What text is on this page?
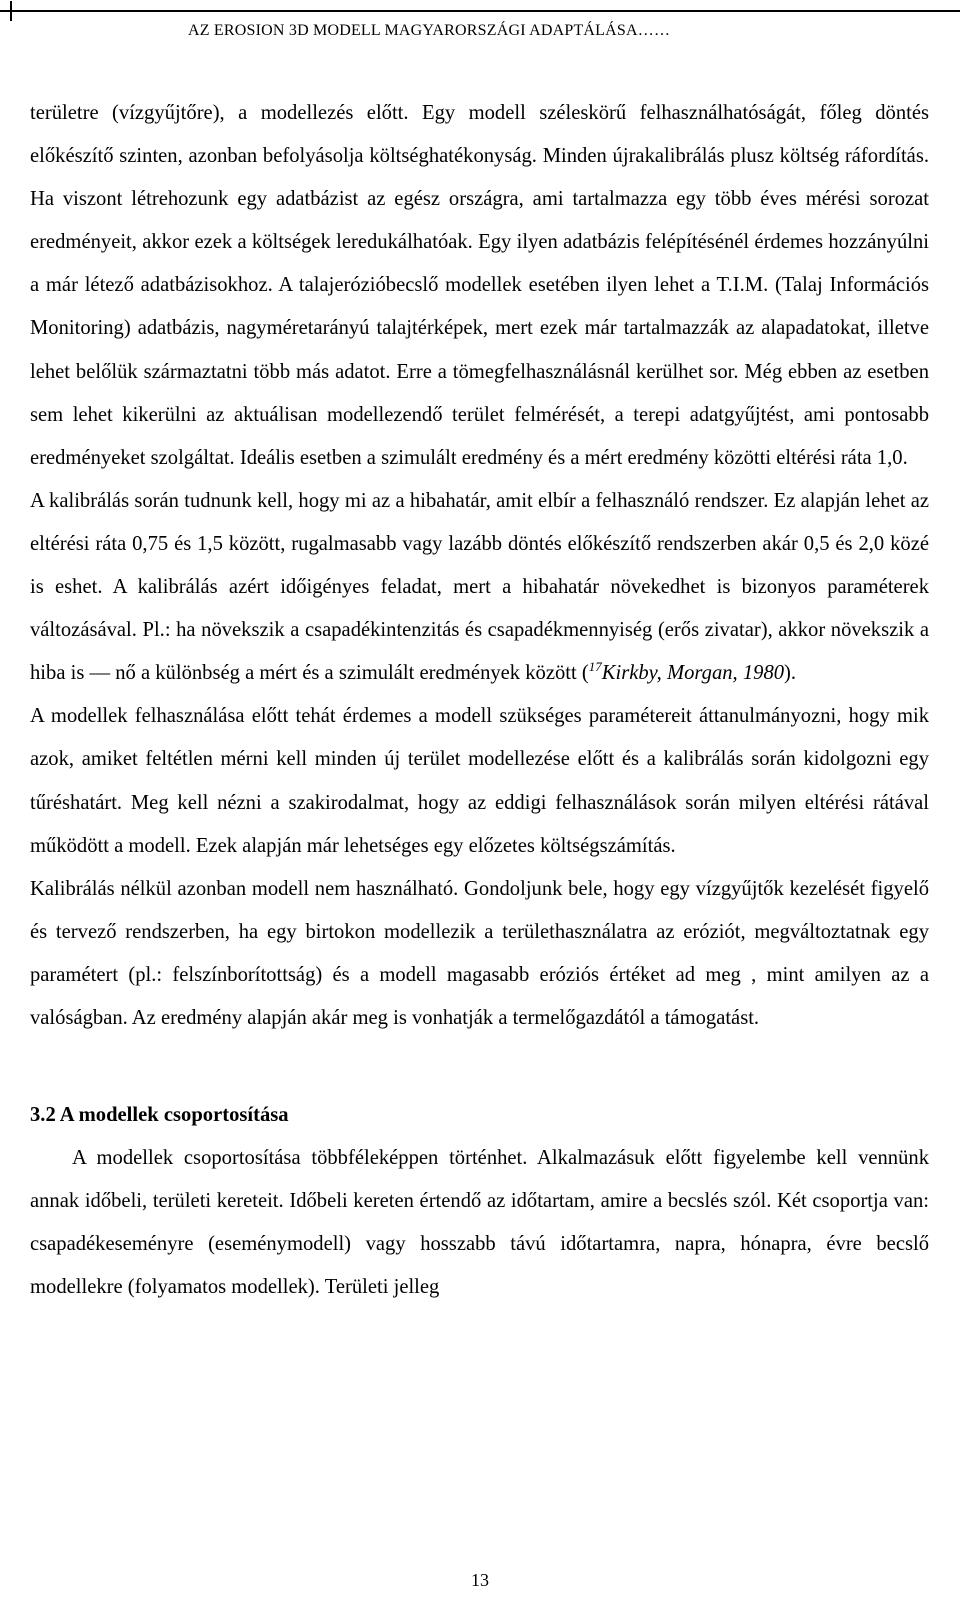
AZ EROSION 3D MODELL MAGYARORSZÁGI ADAPTÁLÁSA……

területre (vízgyűjtőre), a modellezés előtt. Egy modell széleskörű felhasználhatóságát, főleg döntés előkészítő szinten, azonban befolyásolja költséghatékonyság. Minden újrakalibrálás plusz költség ráfordítás. Ha viszont létrehozunk egy adatbázist az egész országra, ami tartalmazza egy több éves mérési sorozat eredményeit, akkor ezek a költségek leredukálhatóak. Egy ilyen adatbázis felépítésénél érdemes hozzányúlni a már létező adatbázisokhoz. A talajerózióbecslő modellek esetében ilyen lehet a T.I.M. (Talaj Információs Monitoring) adatbázis, nagyméretarányú talajtérképek, mert ezek már tartalmazzák az alapadatokat, illetve lehet belőlük származtatni több más adatot. Erre a tömegfelhasználásnál kerülhet sor. Még ebben az esetben sem lehet kikerülni az aktuálisan modellezendő terület felmérését, a terepi adatgyűjtést, ami pontosabb eredményeket szolgáltat. Ideális esetben a szimulált eredmény és a mért eredmény közötti eltérési ráta 1,0.

A kalibrálás során tudnunk kell, hogy mi az a hibahatár, amit elbír a felhasználó rendszer. Ez alapján lehet az eltérési ráta 0,75 és 1,5 között, rugalmasabb vagy lazább döntés előkészítő rendszerben akár 0,5 és 2,0 közé is eshet. A kalibrálás azért időigényes feladat, mert a hibahatár növekedhet is bizonyos paraméterek változásával. Pl.: ha növekszik a csapadékintenzitás és csapadékmennyiség (erős zivatar), akkor növekszik a hiba is — nő a különbség a mért és a szimulált eredmények között ($^{17}$Kirkby, Morgan, 1980).

A modellek felhasználása előtt tehát érdemes a modell szükséges paramétereit áttanulmányozni, hogy mik azok, amiket feltétlen mérni kell minden új terület modellezése előtt és a kalibrálás során kidolgozni egy tűréshatárt. Meg kell nézni a szakirodalmat, hogy az eddigi felhasználások során milyen eltérési rátával működött a modell. Ezek alapján már lehetséges egy előzetes költségszámítás.

Kalibrálás nélkül azonban modell nem használható. Gondoljunk bele, hogy egy vízgyűjtők kezelését figyelő és tervező rendszerben, ha egy birtokon modellezik a területhasználatra az eróziót, megváltoztatnak egy paramétert (pl.: felszínborítottság) és a modell magasabb eróziós értéket ad meg , mint amilyen az a valóságban. Az eredmény alapján akár meg is vonhatják a termelőgazdától a támogatást.

3.2 A modellek csoportosítása

A modellek csoportosítása többféleképpen történhet. Alkalmazásuk előtt figyelembe kell vennünk annak időbeli, területi kereteit. Időbeli kereten értendő az időtartam, amire a becslés szól. Két csoportja van: csapadékeseményre (eseménymodell) vagy hosszabb távú időtartamra, napra, hónapra, évre becslő modellekre (folyamatos modellek). Területi jelleg

13
